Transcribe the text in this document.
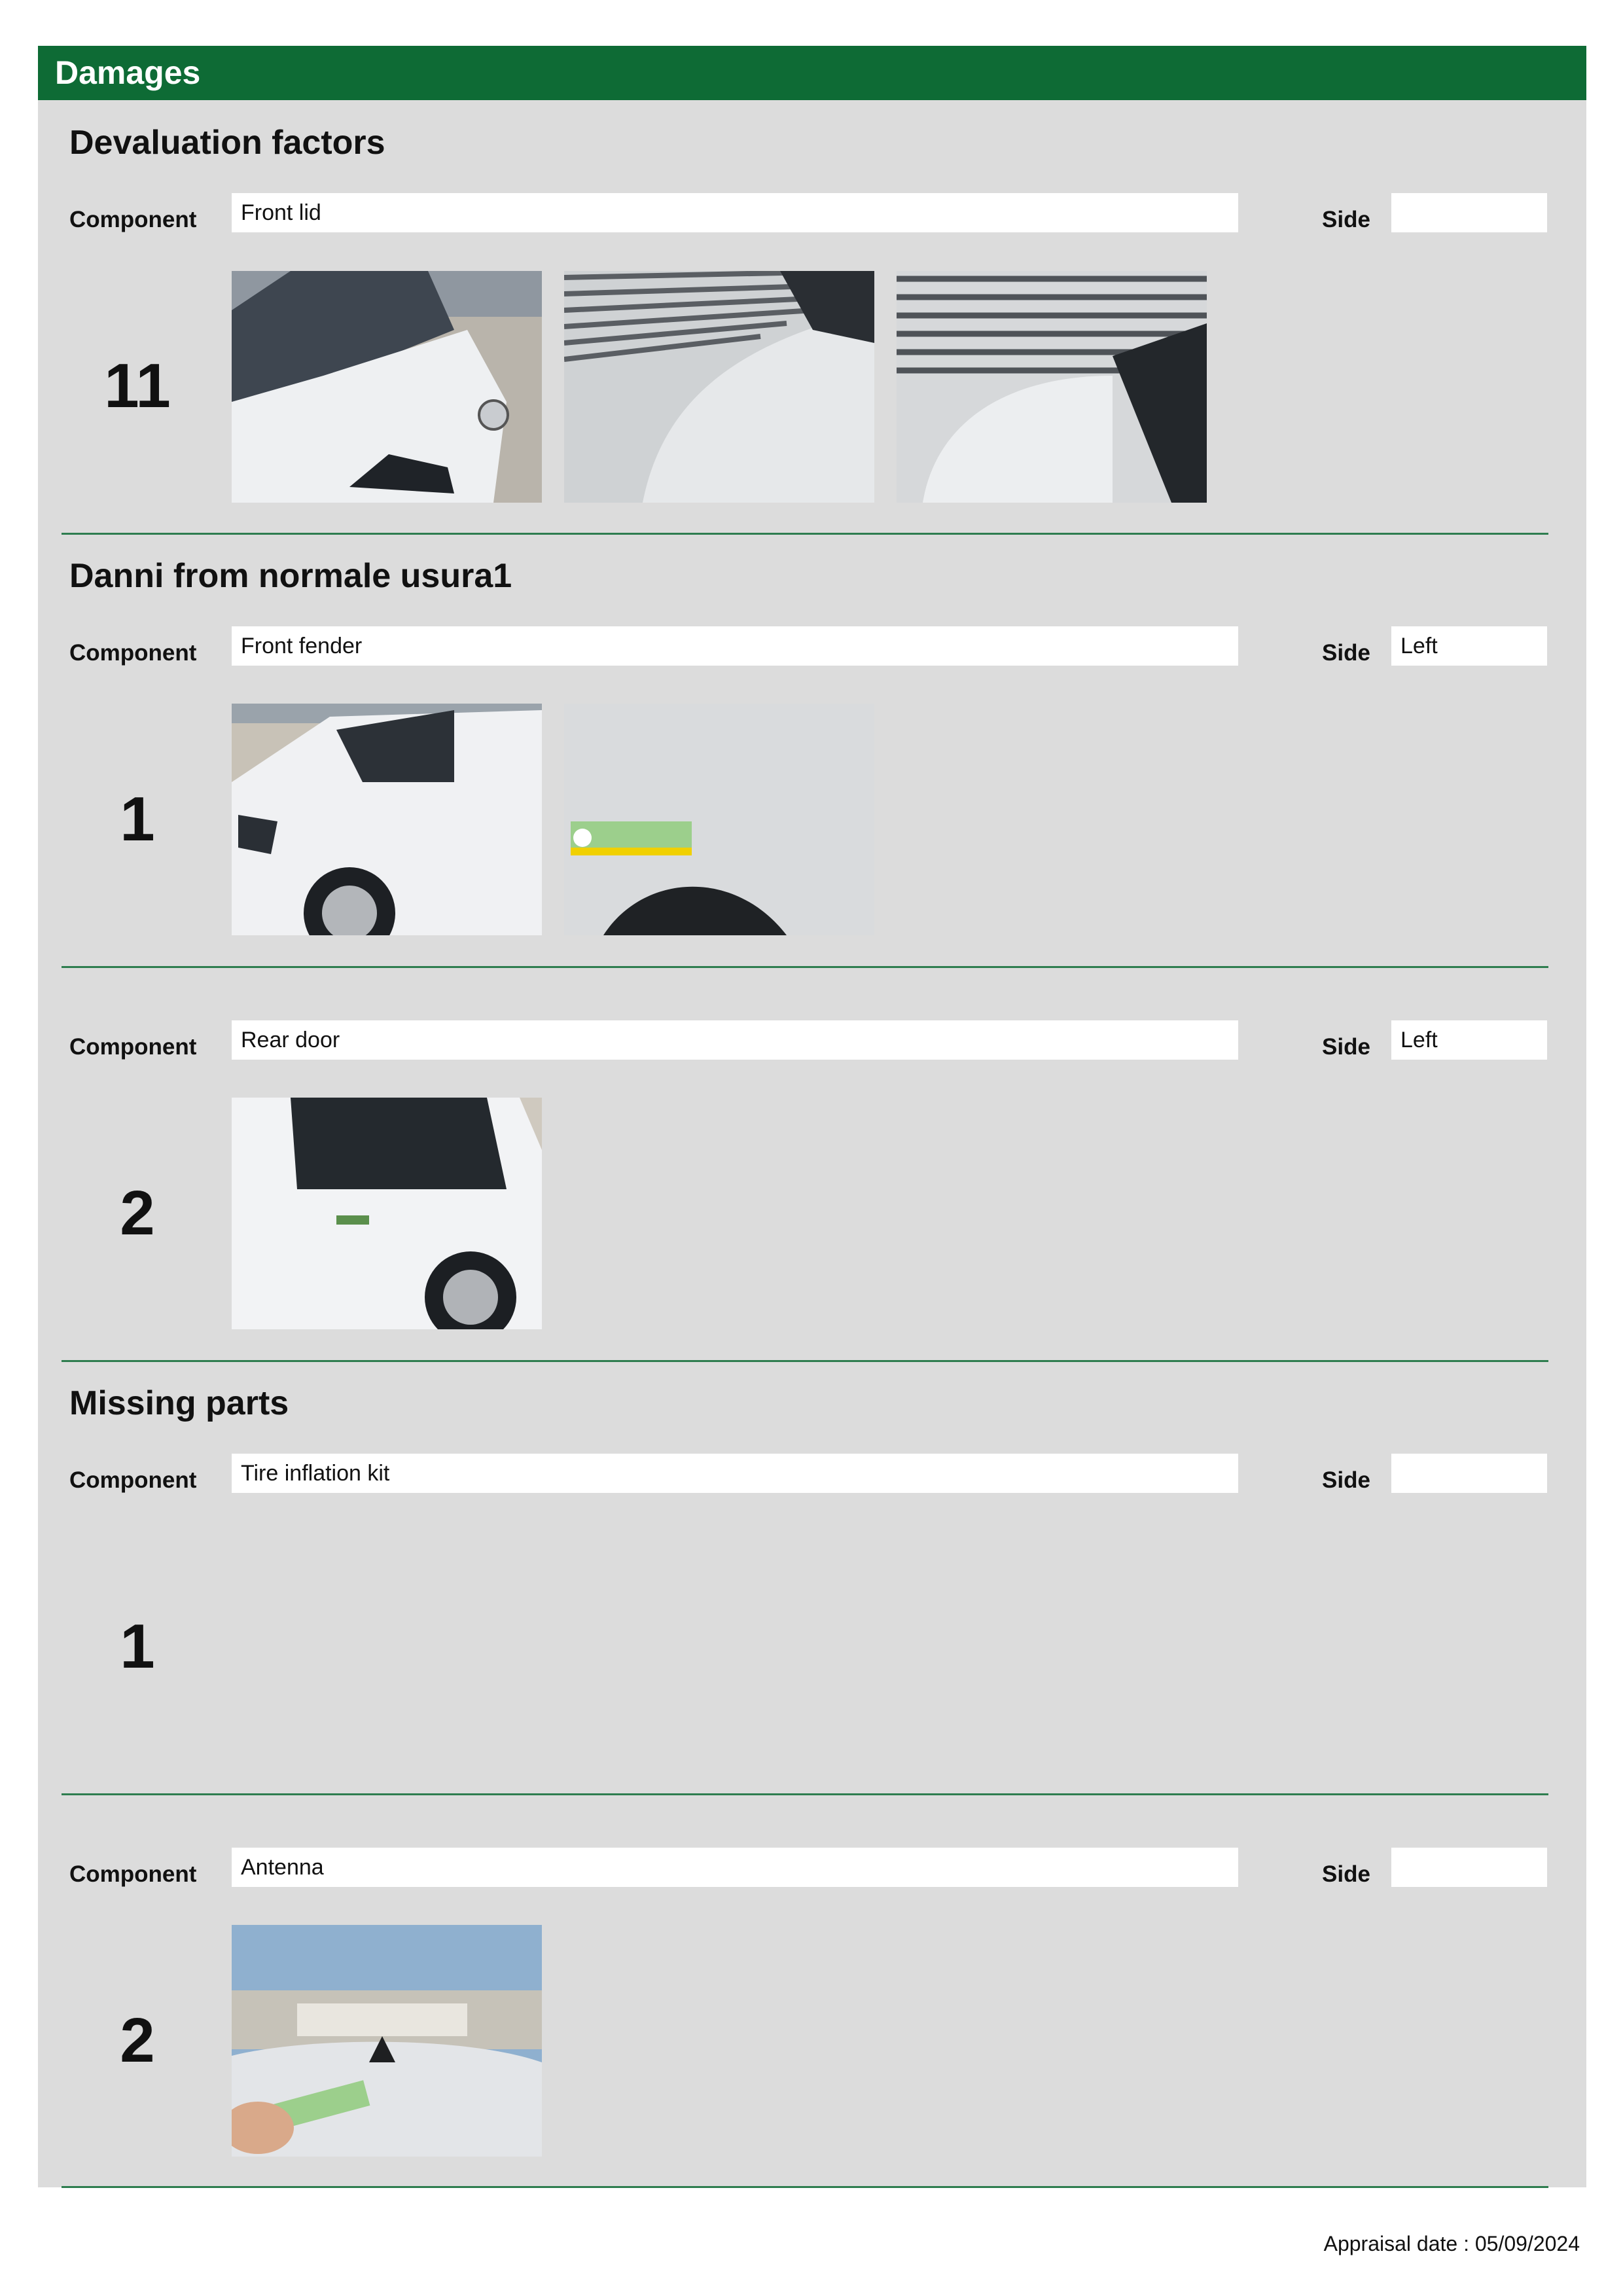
Damages
Devaluation factors
Component	Front lid	Side
11
Danni from normale usura1
Component	Front fender	Side	Left
1
Component	Rear door	Side	Left
2
Missing parts
Component	Tire inflation kit	Side
1
Component	Antenna	Side
2
Appraisal date : 05/09/2024
